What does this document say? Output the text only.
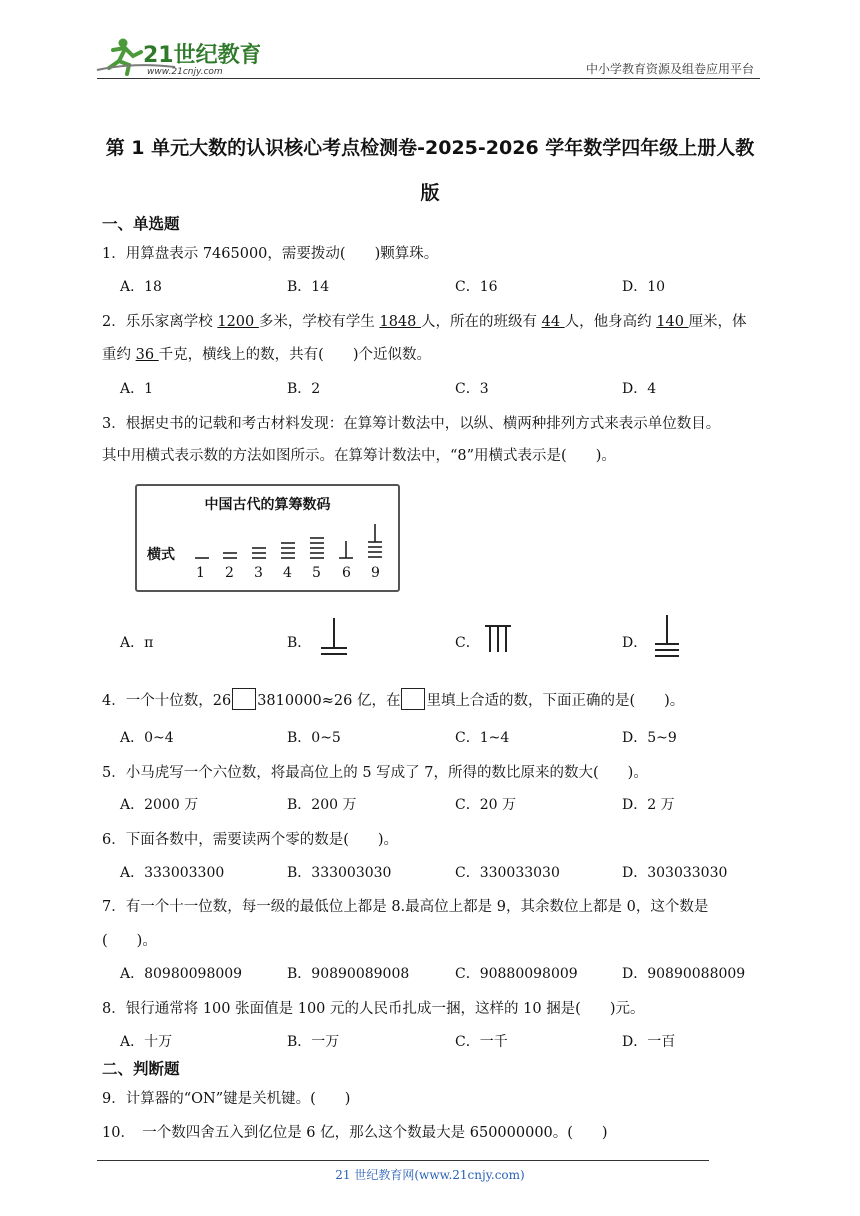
21世纪教育
www.21cnjy.com	中小学教育资源及组卷应用平台
第 1 单元大数的认识核心考点检测卷-2025-2026 学年数学四年级上册人教
版
一、单选题
1．用算盘表示 7465000，需要拨动(　　)颗算珠。
A．18	B．14	C．16	D．10
2．乐乐家离学校 1200 多米，学校有学生 1848 人，所在的班级有 44 人，他身高约 140 厘米，体
重约 36 千克，横线上的数，共有(　　)个近似数。
A．1	B．2	C．3	D．4
3．根据史书的记载和考古材料发现：在算筹计数法中，以纵、横两种排列方式来表示单位数目。
其中用横式表示数的方法如图所示。在算筹计数法中，“8”用横式表示是(　　)。
中国古代的算筹数码
横式
1 2 3 4 5 6 9
A．π	B．	C．	D．
4．一个十位数，26 3810000≈26 亿，在 里填上合适的数，下面正确的是(　　)。
A．0~4	B．0~5	C．1~4	D．5~9
5．小马虎写一个六位数，将最高位上的 5 写成了 7，所得的数比原来的数大(　　)。
A．2000 万	B．200 万	C．20 万	D．2 万
6．下面各数中，需要读两个零的数是(　　)。
A．333003300	B．333003030	C．330033030	D．303033030
7．有一个十一位数，每一级的最低位上都是 8.最高位上都是 9，其余数位上都是 0，这个数是
(　　)。
A．80980098009	B．90890089008	C．90880098009	D．90890088009
8．银行通常将 100 张面值是 100 元的人民币扎成一捆，这样的 10 捆是(　　)元。
A．十万	B．一万	C．一千	D．一百
二、判断题
9．计算器的“ON”键是关机键。(　　)
10．　一个数四舍五入到亿位是 6 亿，那么这个数最大是 650000000。(　　)
21 世纪教育网(www.21cnjy.com)
